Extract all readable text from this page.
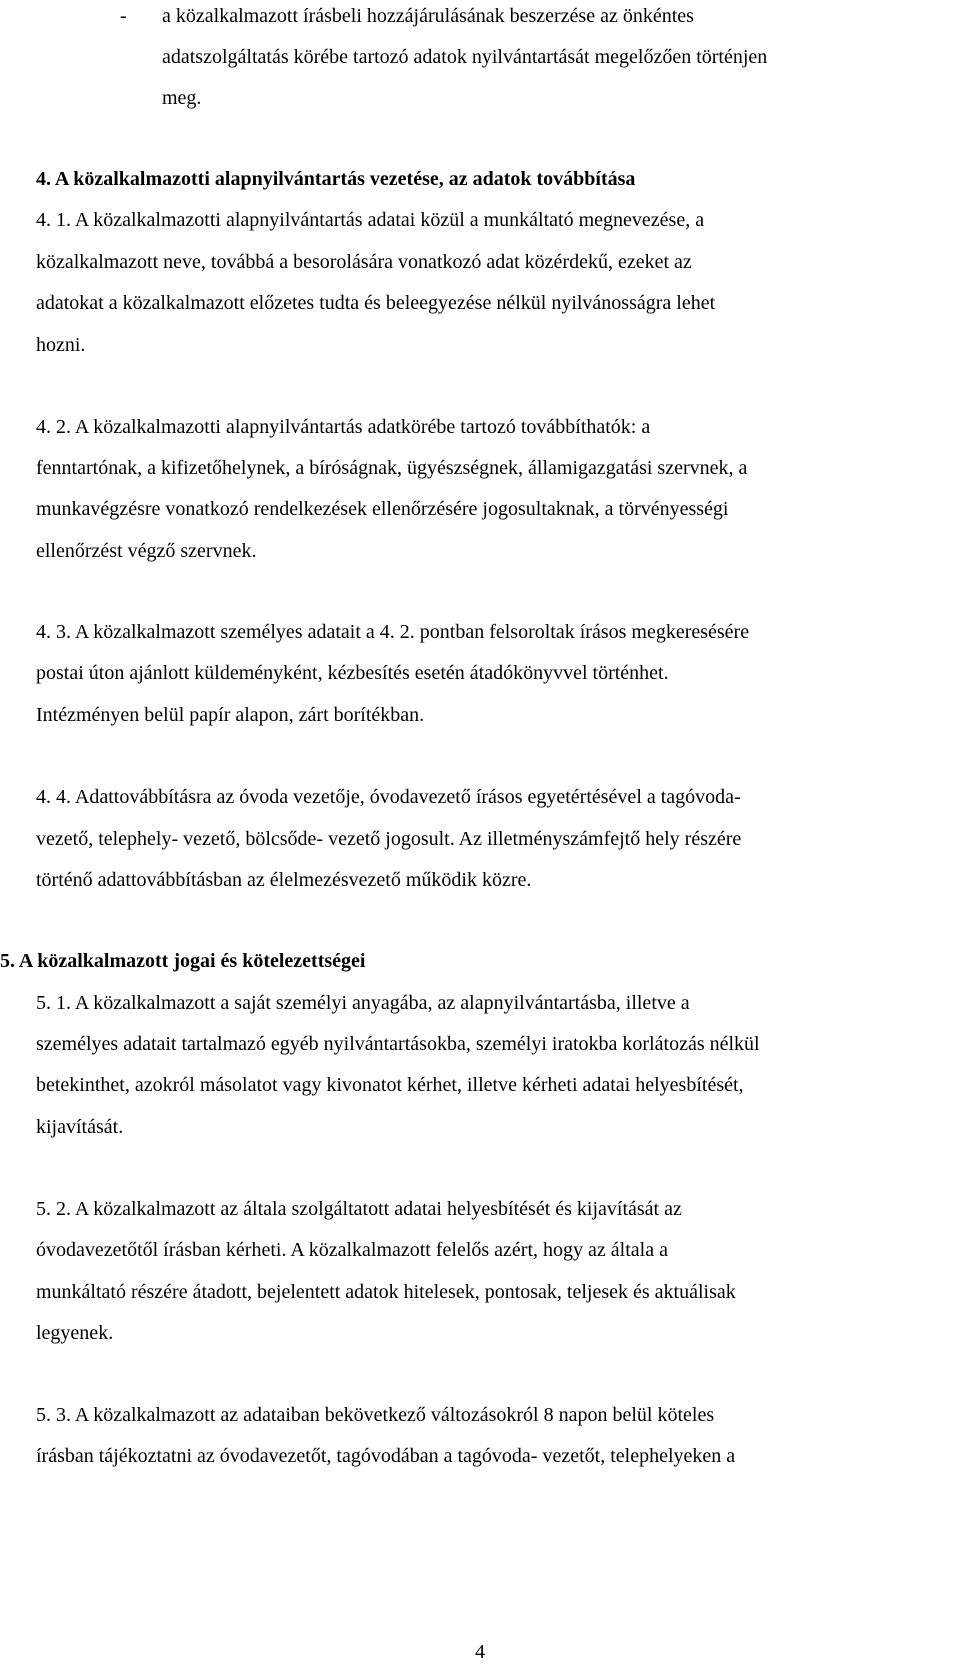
- a közalkalmazott írásbeli hozzájárulásának beszerzése az önkéntes
adatszolgáltatás körébe tartozó adatok nyilvántartását megelőzően történjen
meg.
4. A közalkalmazotti alapnyilvántartás vezetése, az adatok továbbítása
4. 1. A közalkalmazotti alapnyilvántartás adatai közül a munkáltató megnevezése, a
közalkalmazott neve, továbbá a besorolására vonatkozó adat közérdekű, ezeket az
adatokat a közalkalmazott előzetes tudta és beleegyezése nélkül nyilvánosságra lehet
hozni.
4. 2. A közalkalmazotti alapnyilvántartás adatkörébe tartozó továbbíthatók: a
fenntartónak, a kifizetőhelynek, a bíróságnak, ügyészségnek, államigazgatási szervnek, a
munkavégzésre vonatkozó rendelkezések ellenőrzésére jogosultaknak, a törvényességi
ellenőrzést végző szervnek.
4. 3. A közalkalmazott személyes adatait a 4. 2. pontban felsoroltak írásos megkeresésére
postai úton ajánlott küldeményként, kézbesítés esetén átadókönyvvel történhet.
Intézményen belül papír alapon, zárt borítékban.
4. 4. Adattovábbításra az óvoda vezetője, óvodavezető írásos egyetértésével a tagóvoda-
vezető, telephely- vezető, bölcsőde- vezető jogosult. Az illetményszámfejtő hely részére
történő adattovábbításban az élelmezésvezető működik közre.
5. A közalkalmazott jogai és kötelezettségei
5. 1. A közalkalmazott a saját személyi anyagába, az alapnyilvántartásba, illetve a
személyes adatait tartalmazó egyéb nyilvántartásokba, személyi iratokba korlátozás nélkül
betekinthet, azokról másolatot vagy kivonatot kérhet, illetve kérheti adatai helyesbítését,
kijavítását.
5. 2. A közalkalmazott az általa szolgáltatott adatai helyesbítését és kijavítását az
óvodavezetőtől írásban kérheti. A közalkalmazott felelős azért, hogy az általa a
munkáltató részére átadott, bejelentett adatok hitelesek, pontosak, teljesek és aktuálisak
legyenek.
5. 3. A közalkalmazott az adataiban bekövetkező változásokról 8 napon belül köteles
írásban tájékoztatni az óvodavezetőt, tagóvodában a tagóvoda- vezetőt, telephelyeken a
4
